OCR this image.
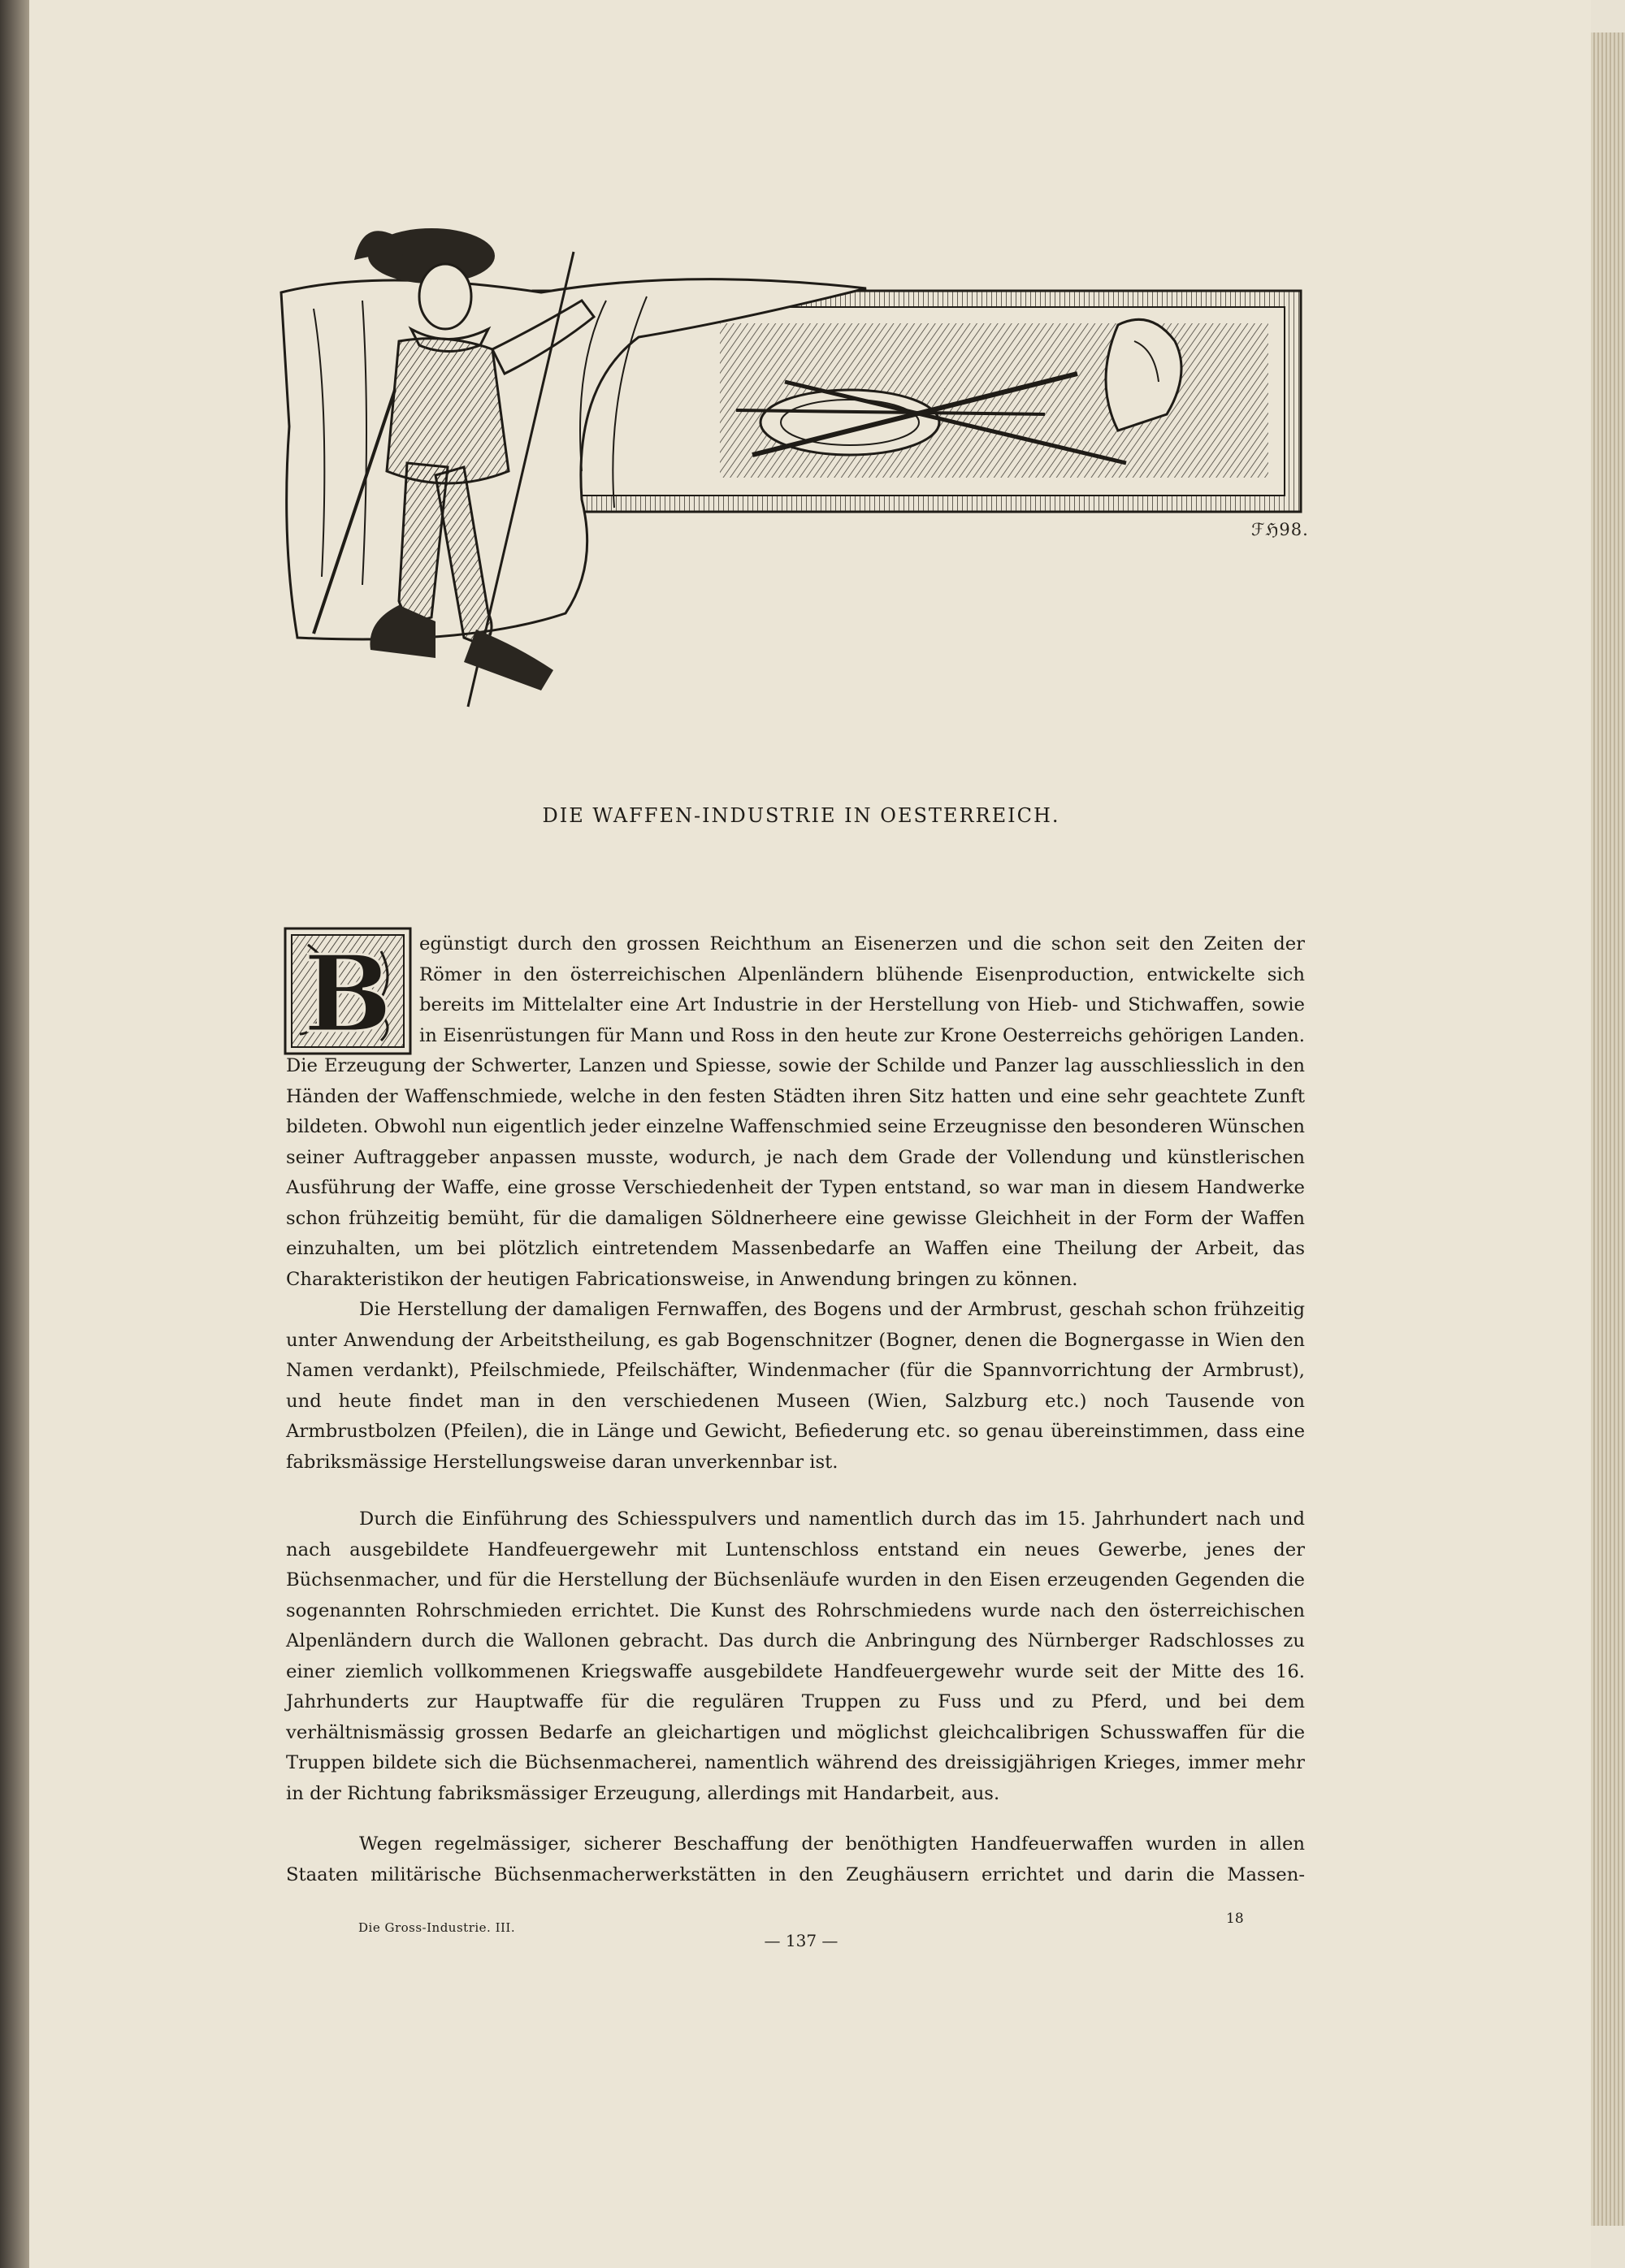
ℱℌ98.
DIE WAFFEN-INDUSTRIE IN OESTERREICH.
B egünstigt durch den grossen Reichthum an Eisenerzen und die schon seit den Zeiten der Römer in den österreichischen Alpenländern blühende Eisenproduction, entwickelte sich bereits im Mittelalter eine Art Industrie in der Herstellung von Hieb- und Stichwaffen, sowie in Eisenrüstungen für Mann und Ross in den heute zur Krone Oesterreichs gehörigen Landen.

Die Erzeugung der Schwerter, Lanzen und Spiesse, sowie der Schilde und Panzer lag ausschliesslich in den Händen der Waffenschmiede, welche in den festen Städten ihren Sitz hatten und eine sehr geachtete Zunft bildeten. Obwohl nun eigentlich jeder einzelne Waffenschmied seine Erzeugnisse den besonderen Wünschen seiner Auftraggeber anpassen musste, wodurch, je nach dem Grade der Vollendung und künstlerischen Ausführung der Waffe, eine grosse Verschiedenheit der Typen entstand, so war man in diesem Handwerke schon frühzeitig bemüht, für die damaligen Söldnerheere eine gewisse Gleichheit in der Form der Waffen einzuhalten, um bei plötzlich eintretendem Massenbedarfe an Waffen eine Theilung der Arbeit, das Charakteristikon der heutigen Fabricationsweise, in Anwendung bringen zu können.

Die Herstellung der damaligen Fernwaffen, des Bogens und der Armbrust, geschah schon frühzeitig unter Anwendung der Arbeitstheilung, es gab Bogenschnitzer (Bogner, denen die Bognergasse in Wien den Namen verdankt), Pfeilschmiede, Pfeilschäfter, Windenmacher (für die Spannvorrichtung der Armbrust), und heute findet man in den verschiedenen Museen (Wien, Salzburg etc.) noch Tausende von Armbrustbolzen (Pfeilen), die in Länge und Gewicht, Befiederung etc. so genau übereinstimmen, dass eine fabriksmässige Herstellungsweise daran unverkennbar ist.

Durch die Einführung des Schiesspulvers und namentlich durch das im 15. Jahrhundert nach und nach ausgebildete Handfeuergewehr mit Luntenschloss entstand ein neues Gewerbe, jenes der Büchsenmacher, und für die Herstellung der Büchsenläufe wurden in den Eisen erzeugenden Gegenden die sogenannten Rohrschmieden errichtet. Die Kunst des Rohrschmiedens wurde nach den österreichischen Alpenländern durch die Wallonen gebracht. Das durch die Anbringung des Nürnberger Radschlosses zu einer ziemlich vollkommenen Kriegswaffe ausgebildete Handfeuergewehr wurde seit der Mitte des 16. Jahrhunderts zur Hauptwaffe für die regulären Truppen zu Fuss und zu Pferd, und bei dem verhältnismässig grossen Bedarfe an gleichartigen und möglichst gleichcalibrigen Schusswaffen für die Truppen bildete sich die Büchsenmacherei, namentlich während des dreissigjährigen Krieges, immer mehr in der Richtung fabriksmässiger Erzeugung, allerdings mit Handarbeit, aus.

Wegen regelmässiger, sicherer Beschaffung der benöthigten Handfeuerwaffen wurden in allen Staaten militärische Büchsenmacherwerkstätten in den Zeughäusern errichtet und darin die Massen-

Die Gross-Industrie. III.
— 137 —
18
